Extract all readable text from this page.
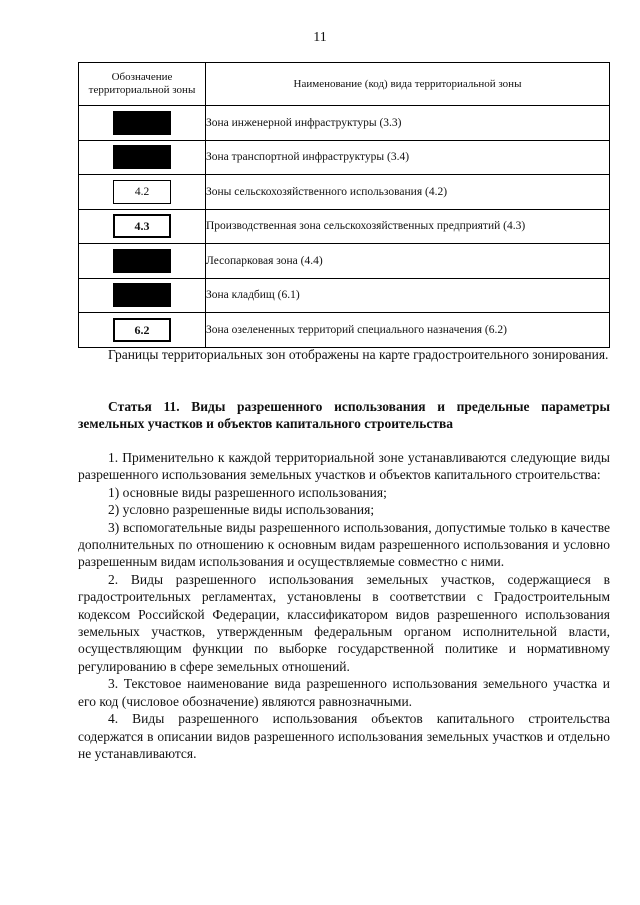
11
Обозначение территориальной зоны	Наименование (код) вида территориальной зоны
	Зона инженерной инфраструктуры (3.3)
	Зона транспортной инфраструктуры (3.4)
4.2	Зоны сельскохозяйственного использования (4.2)
4.3	Производственная зона сельскохозяйственных предприятий (4.3)
	Лесопарковая зона (4.4)
	Зона кладбищ (6.1)
6.2	Зона озелененных территорий специального назначения (6.2)

Границы территориальных зон отображены на карте градостроительного зонирования.

Статья 11. Виды разрешенного использования и предельные параметры земельных участков и объектов капитального строительства

1. Применительно к каждой территориальной зоне устанавливаются следующие виды разрешенного использования земельных участков и объектов капитального строительства:

1) основные виды разрешенного использования;

2) условно разрешенные виды использования;

3) вспомогательные виды разрешенного использования, допустимые только в качестве дополнительных по отношению к основным видам разрешенного использования и условно разрешенным видам использования и осуществляемые совместно с ними.

2. Виды разрешенного использования земельных участков, содержащиеся в градостроительных регламентах, установлены в соответствии с Градостроительным кодексом Российской Федерации, классификатором видов разрешенного использования земельных участков, утвержденным федеральным органом исполнительной власти, осуществляющим функции по выборке государственной политике и нормативному регулированию в сфере земельных отношений.

3. Текстовое наименование вида разрешенного использования земельного участка и его код (числовое обозначение) являются равнозначными.

4. Виды разрешенного использования объектов капитального строительства содержатся в описании видов разрешенного использования земельных участков и отдельно не устанавливаются.
